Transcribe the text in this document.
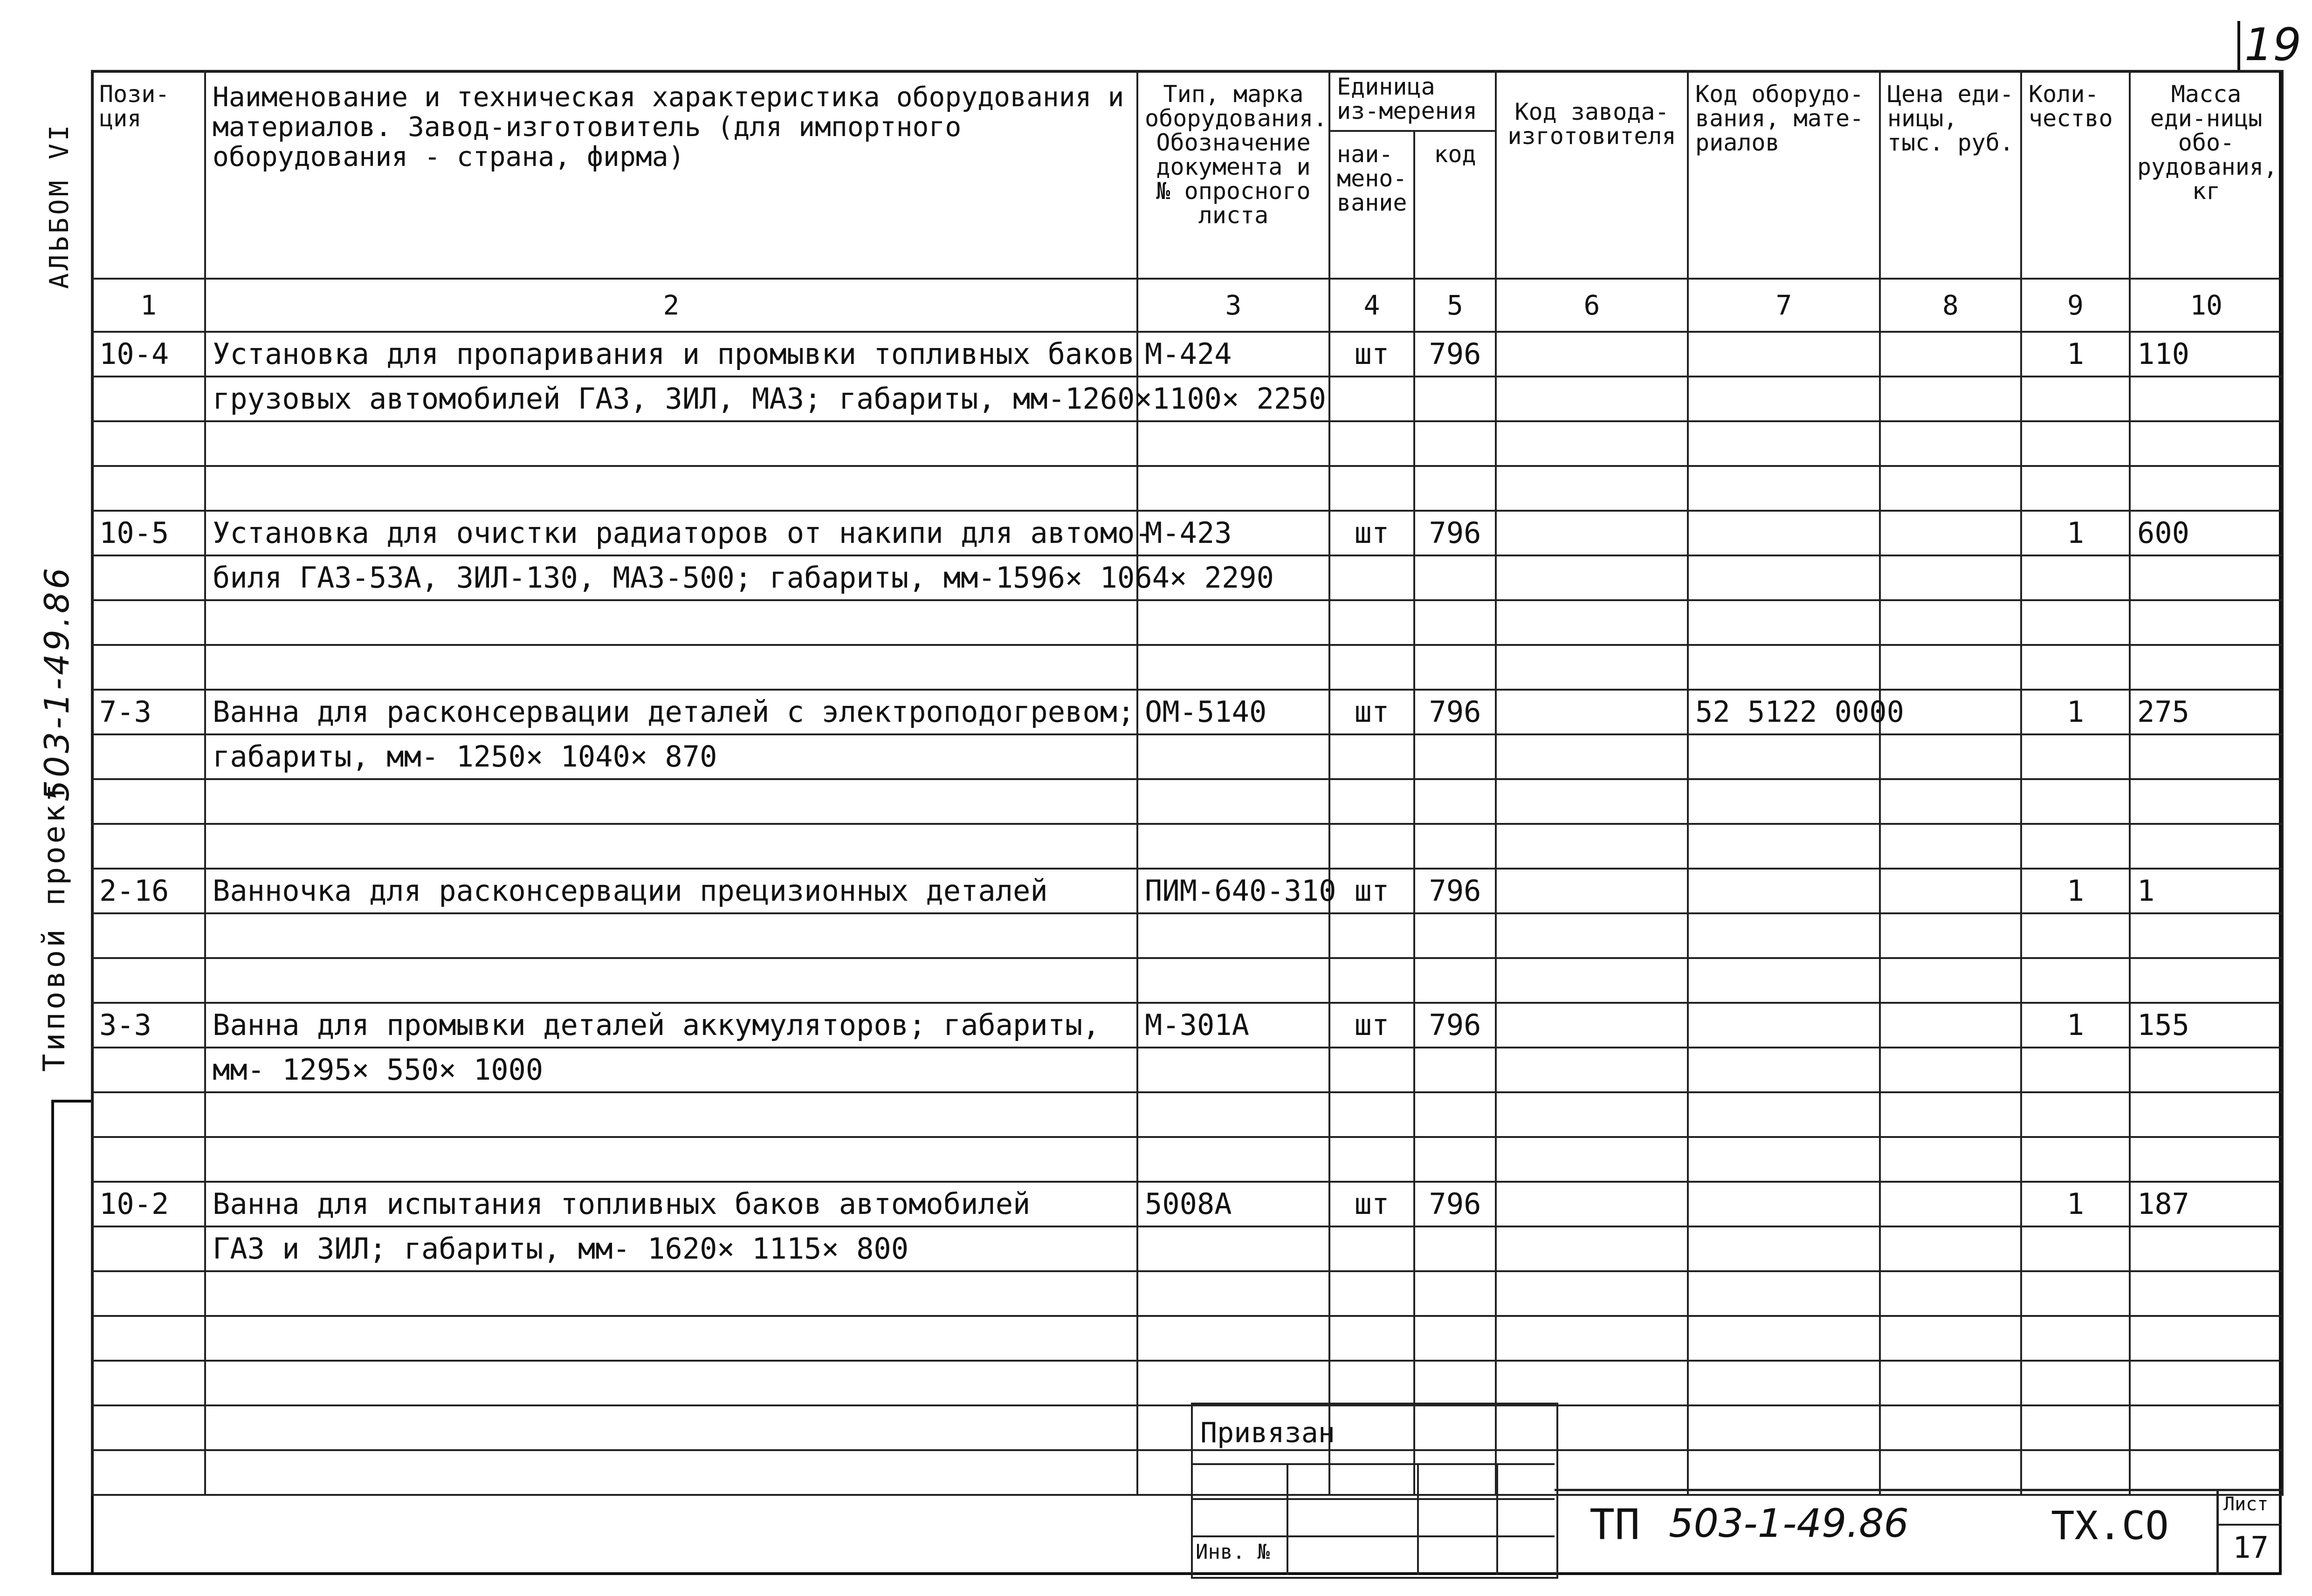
19
АЛЬБОМ VI
Типовой проект
503-1-49.86
Пози-ция	Наименование и техническая характеристика оборудования и материалов. Завод-изготовитель (для импортного оборудования - страна, фирма)	Тип, марка оборудования. Обозначение документа и № опросного листа	Единица из-мерения		Код завода-изготовителя	Код оборудо-вания, мате-риалов	Цена еди-ницы, тыс. руб.	Коли-чество	Масса еди-ницы обо-рудования, кг
			наи-мено-вание	код					
1	2	3	4	5	6	7	8	9	10
10-4	Установка для пропаривания и промывки топливных баков	М-424	шт	796				1	110
	грузовых автомобилей ГАЗ, ЗИЛ, МАЗ; габариты, мм-1260×1100× 2250								

10-5	Установка для очистки радиаторов от накипи для автомо-	М-423	шт	796				1	600
	биля ГАЗ-53А, ЗИЛ-130, МАЗ-500; габариты, мм-1596× 1064× 2290								

7-3	Ванна для расконсервации деталей с электроподогревом;	ОМ-5140	шт	796		52 5122 0000		1	275
	габариты, мм- 1250× 1040× 870								

2-16	Ванночка для расконсервации прецизионных деталей	ПИМ-640-310	шт	796				1	1

3-3	Ванна для промывки деталей аккумуляторов; габариты,	М-301А	шт	796				1	155
	мм- 1295× 550× 1000								

10-2	Ванна для испытания топливных баков автомобилей	5008А	шт	796				1	187
	ГАЗ и ЗИЛ; габариты, мм- 1620× 1115× 800								

Привязан
Инв. №
ТП 503-1-49.86	ТХ.СО	Лист
17
